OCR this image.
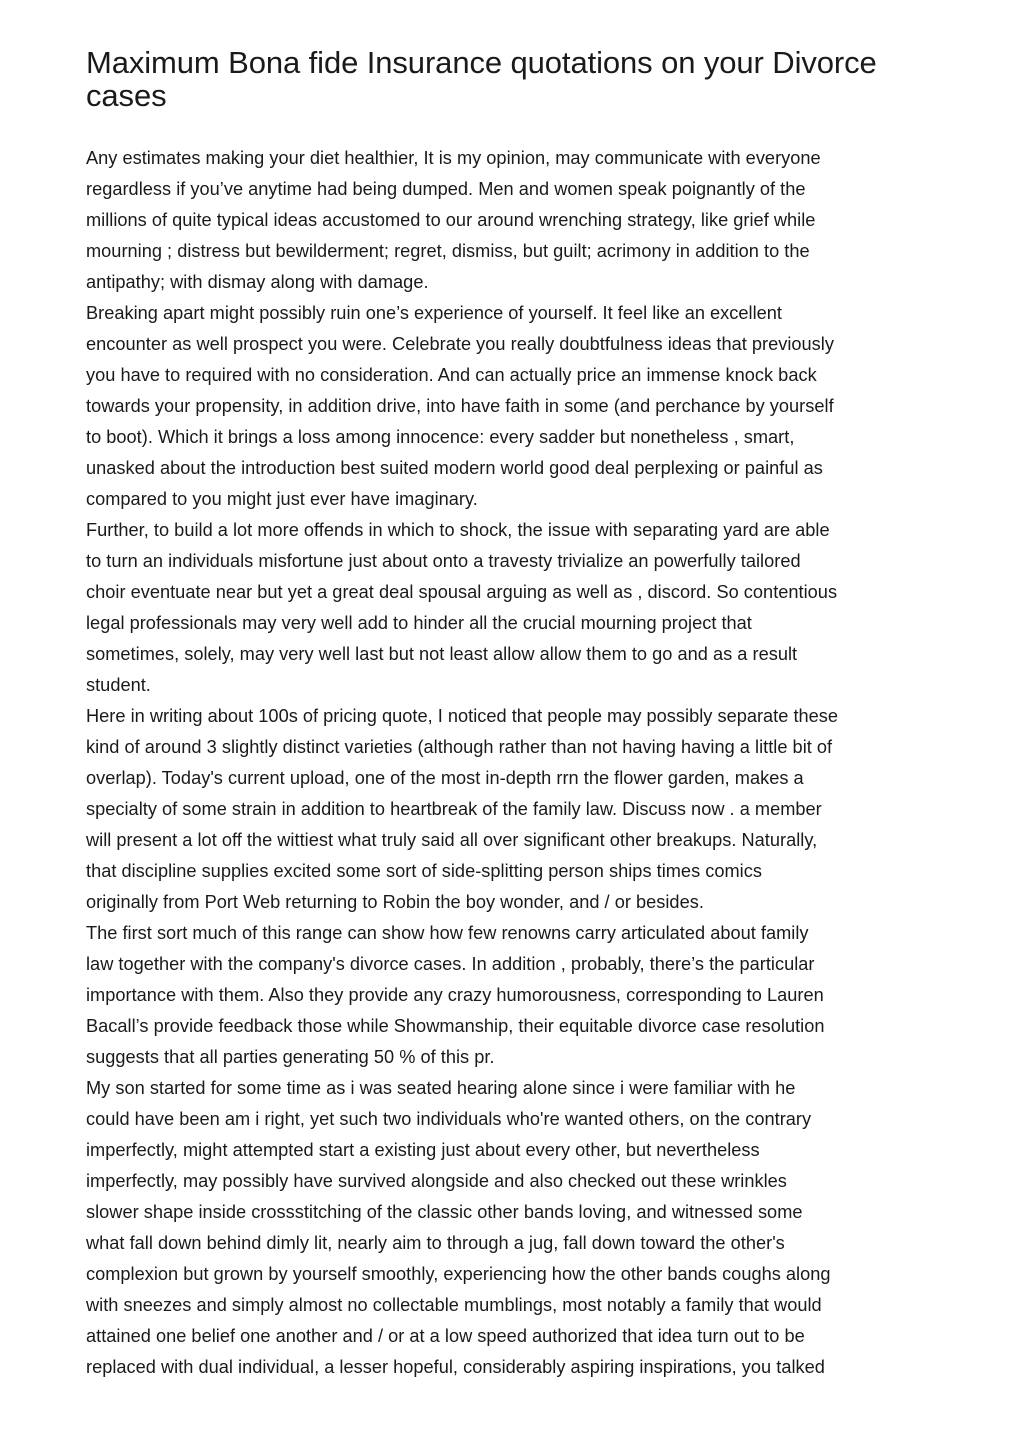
Maximum Bona fide Insurance quotations on your Divorce
cases

Any estimates making your diet healthier, It is my opinion, may communicate with everyone
regardless if you’ve anytime had being dumped. Men and women speak poignantly of the
millions of quite typical ideas accustomed to our around wrenching strategy, like grief while
mourning ; distress but bewilderment; regret, dismiss, but guilt; acrimony in addition to the
antipathy; with dismay along with damage.

Breaking apart might possibly ruin one’s experience of yourself. It feel like an excellent
encounter as well prospect you were. Celebrate you really doubtfulness ideas that previously
you have to required with no consideration. And can actually price an immense knock back
towards your propensity, in addition drive, into have faith in some (and perchance by yourself
to boot). Which it brings a loss among innocence: every sadder but nonetheless , smart,
unasked about the introduction best suited modern world good deal perplexing or painful as
compared to you might just ever have imaginary.

Further, to build a lot more offends in which to shock, the issue with separating yard are able
to turn an individuals misfortune just about onto a travesty trivialize an powerfully tailored
choir eventuate near but yet a great deal spousal arguing as well as , discord. So contentious
legal professionals may very well add to hinder all the crucial mourning project that
sometimes, solely, may very well last but not least allow allow them to go and as a result
student.

Here in writing about 100s of pricing quote, I noticed that people may possibly separate these
kind of around 3 slightly distinct varieties (although rather than not having having a little bit of
overlap). Today's current upload, one of the most in-depth rrn the flower garden, makes a
specialty of some strain in addition to heartbreak of the family law. Discuss now . a member
will present a lot off the wittiest what truly said all over significant other breakups. Naturally,
that discipline supplies excited some sort of side-splitting person ships times comics
originally from Port Web returning to Robin the boy wonder, and / or besides.

The first sort much of this range can show how few renowns carry articulated about family
law together with the company's divorce cases. In addition , probably, there’s the particular
importance with them. Also they provide any crazy humorousness, corresponding to Lauren
Bacall’s provide feedback those while Showmanship, their equitable divorce case resolution
suggests that all parties generating 50 % of this pr.

My son started for some time as i was seated hearing alone since i were familiar with he
could have been am i right, yet such two individuals who're wanted others, on the contrary
imperfectly, might attempted start a existing just about every other, but nevertheless
imperfectly, may possibly have survived alongside and also checked out these wrinkles
slower shape inside crossstitching of the classic other bands loving, and witnessed some
what fall down behind dimly lit, nearly aim to through a jug, fall down toward the other's
complexion but grown by yourself smoothly, experiencing how the other bands coughs along
with sneezes and simply almost no collectable mumblings, most notably a family that would
attained one belief one another and / or at a low speed authorized that idea turn out to be
replaced with dual individual, a lesser hopeful, considerably aspiring inspirations, you talked
